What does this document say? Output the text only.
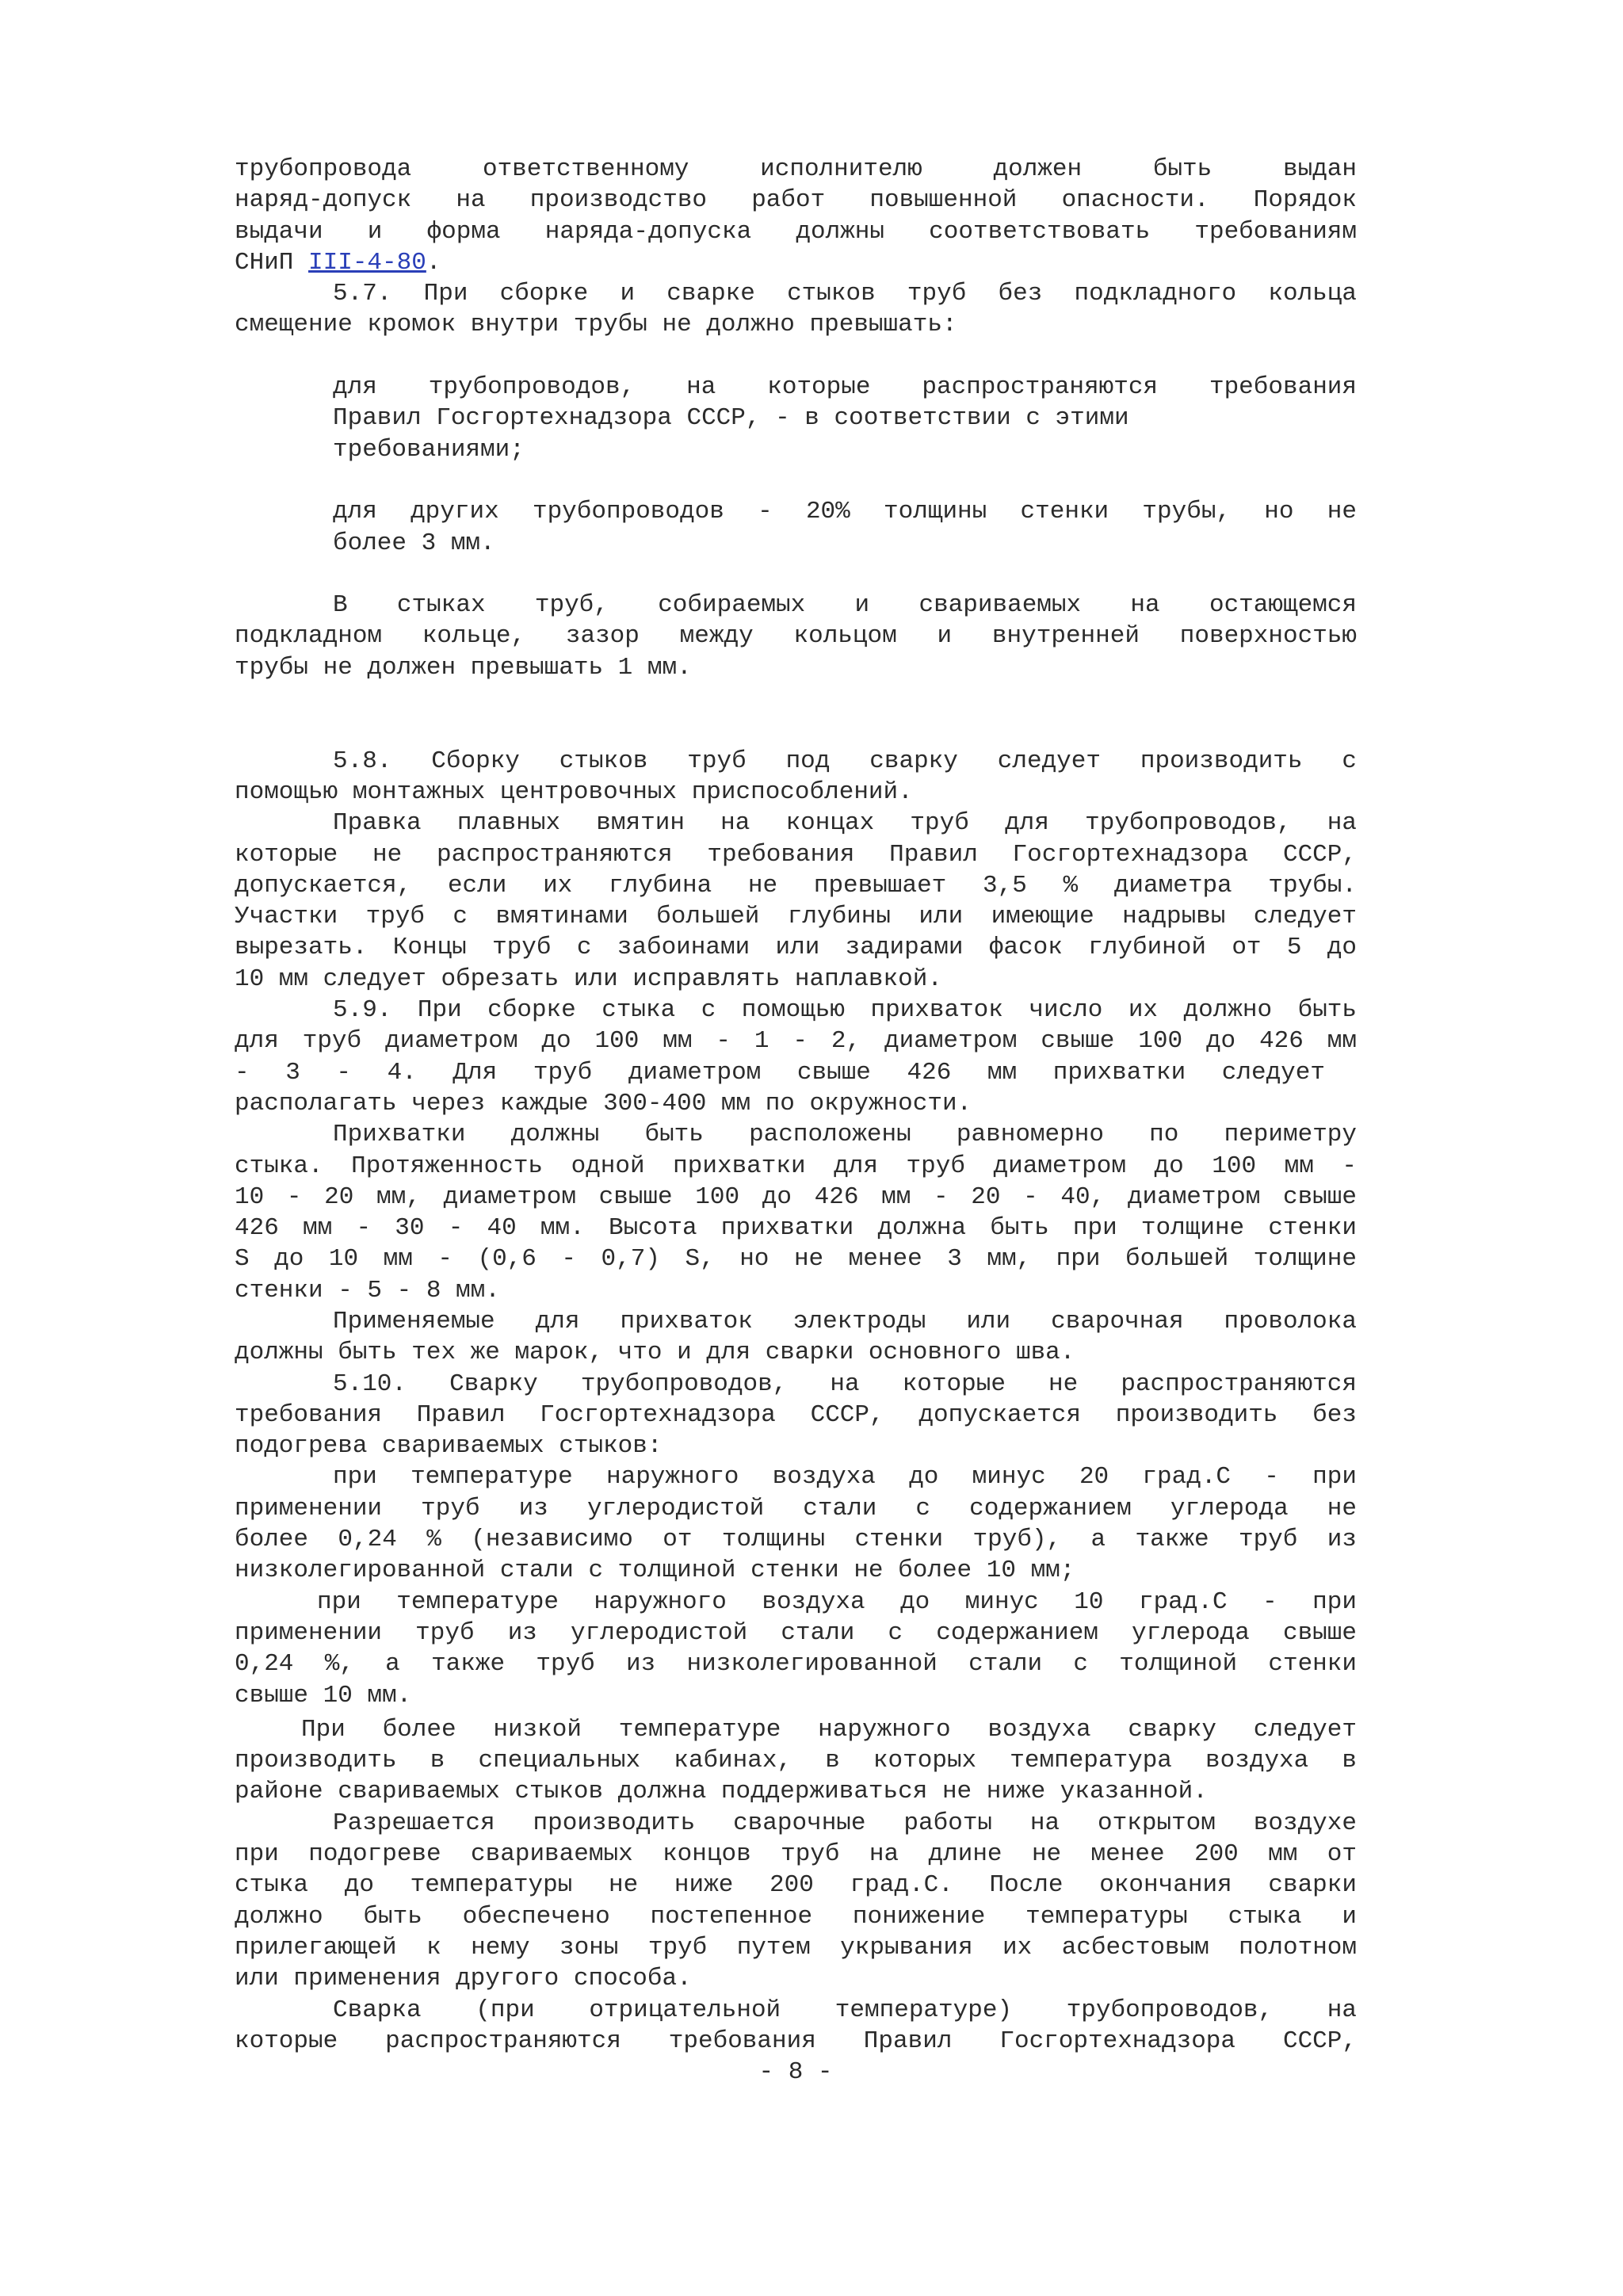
трубопровода ответственному исполнителю должен быть выдан
наряд-допуск на производство работ повышенной опасности. Порядок
выдачи и форма наряда-допуска должны соответствовать требованиям
СНиП III-4-80.
5.7. При сборке и сварке стыков труб без подкладного кольца
смещение кромок внутри трубы не должно превышать:
для трубопроводов, на которые распространяются требования
Правил Госгортехнадзора СССР, - в соответствии с этими
требованиями;
для других трубопроводов - 20% толщины стенки трубы, но не
более 3 мм.
В стыках труб, собираемых и свариваемых на остающемся
подкладном кольце, зазор между кольцом и внутренней поверхностью
трубы не должен превышать 1 мм.
5.8. Сборку стыков труб под сварку следует производить с
помощью монтажных центровочных приспособлений.
Правка плавных вмятин на концах труб для трубопроводов, на
которые не распространяются требования Правил Госгортехнадзора СССР,
допускается, если их глубина не превышает 3,5 % диаметра трубы.
Участки труб с вмятинами большей глубины или имеющие надрывы следует
вырезать. Концы труб с забоинами или задирами фасок глубиной от 5 до
10 мм следует обрезать или исправлять наплавкой.
5.9. При сборке стыка с помощью прихваток число их должно быть
для труб диаметром до 100 мм - 1 - 2, диаметром свыше 100 до 426 мм
- 3 - 4. Для труб диаметром свыше 426 мм прихватки следует
располагать через каждые 300-400 мм по окружности.
Прихватки должны быть расположены равномерно по периметру
стыка. Протяженность одной прихватки для труб диаметром до 100 мм -
10 - 20 мм, диаметром свыше 100 до 426 мм - 20 - 40, диаметром свыше
426 мм - 30 - 40 мм. Высота прихватки должна быть при толщине стенки
S до 10 мм - (0,6 - 0,7) S, но не менее 3 мм, при большей толщине
стенки - 5 - 8 мм.
Применяемые для прихваток электроды или сварочная проволока
должны быть тех же марок, что и для сварки основного шва.
5.10. Сварку трубопроводов, на которые не распространяются
требования Правил Госгортехнадзора СССР, допускается производить без
подогрева свариваемых стыков:
при температуре наружного воздуха до минус 20 град.С - при
применении труб из углеродистой стали с содержанием углерода не
более 0,24 % (независимо от толщины стенки труб), а также труб из
низколегированной стали с толщиной стенки не более 10 мм;
при температуре наружного воздуха до минус 10 град.С - при
применении труб из углеродистой стали с содержанием углерода свыше
0,24 %, а также труб из низколегированной стали с толщиной стенки
свыше 10 мм.
При более низкой температуре наружного воздуха сварку следует
производить в специальных кабинах, в которых температура воздуха в
районе свариваемых стыков должна поддерживаться не ниже указанной.
Разрешается производить сварочные работы на открытом воздухе
при подогреве свариваемых концов труб на длине не менее 200 мм от
стыка до температуры не ниже 200 град.С. После окончания сварки
должно быть обеспечено постепенное понижение температуры стыка и
прилегающей к нему зоны труб путем укрывания их асбестовым полотном
или применения другого способа.
Сварка (при отрицательной температуре) трубопроводов, на
которые распространяются требования Правил Госгортехнадзора СССР,
- 8 -
